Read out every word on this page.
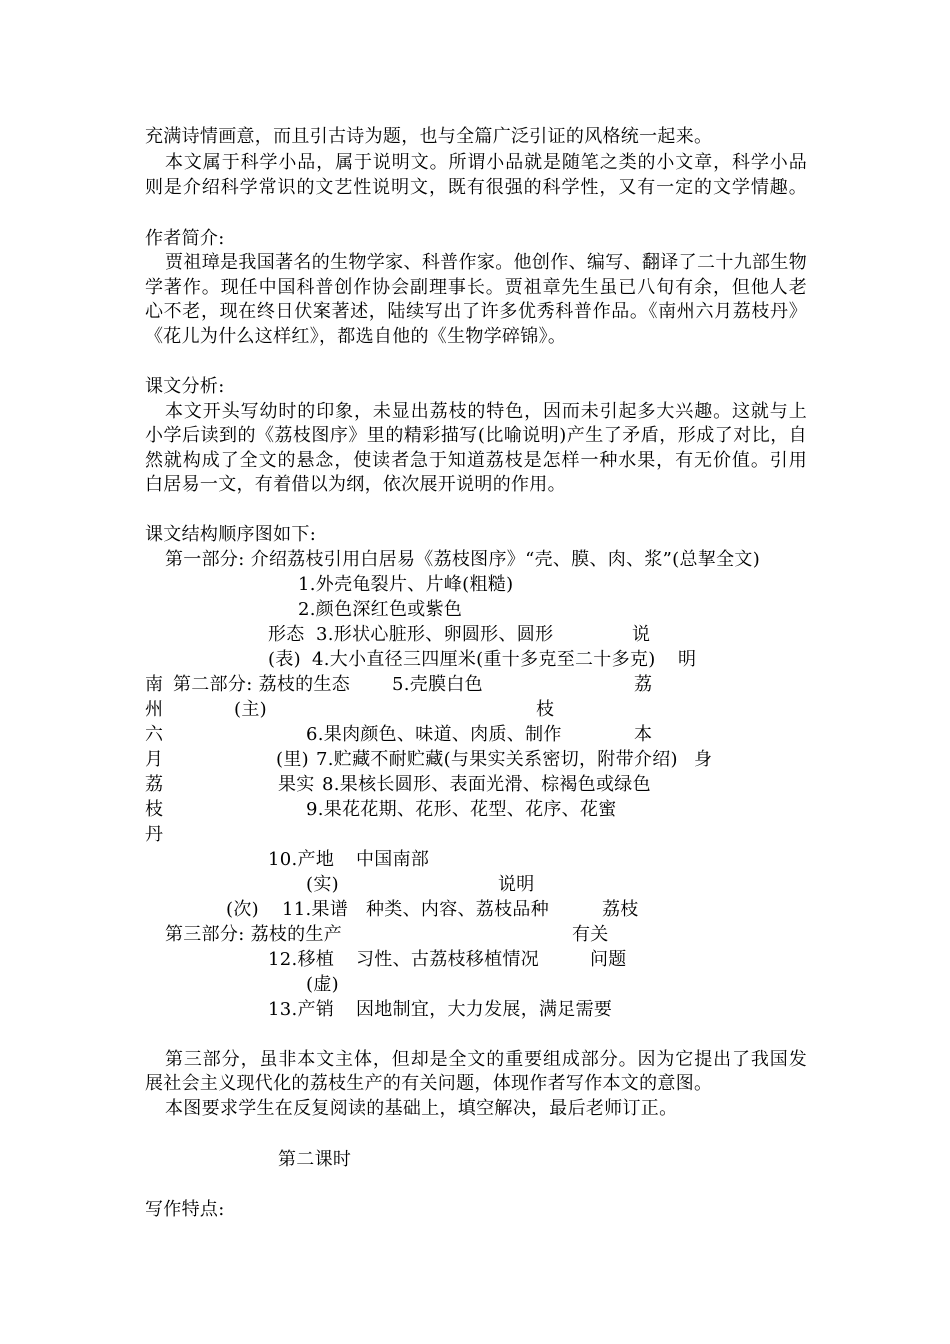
充满诗情画意，而且引古诗为题，也与全篇广泛引证的风格统一起来。
本文属于科学小品，属于说明文。所谓小品就是随笔之类的小文章，科学小品
则是介绍科学常识的文艺性说明文，既有很强的科学性，又有一定的文学情趣。
作者简介:
贾祖璋是我国著名的生物学家、科普作家。他创作、编写、翻译了二十九部生物
学著作。现任中国科普创作协会副理事长。贾祖章先生虽已八旬有余，但他人老
心不老，现在终日伏案著述，陆续写出了许多优秀科普作品。《南州六月荔枝丹》
《花儿为什么这样红》，都选自他的《生物学碎锦》。
课文分析:
本文开头写幼时的印象，未显出荔枝的特色，因而未引起多大兴趣。这就与上
小学后读到的《荔枝图序》里的精彩描写(比喻说明)产生了矛盾，形成了对比，自
然就构成了全文的悬念，使读者急于知道荔枝是怎样一种水果，有无价值。引用
白居易一文，有着借以为纲，依次展开说明的作用。
课文结构顺序图如下:
第一部分: 介绍荔枝引用白居易《荔枝图序》“壳、膜、肉、浆”(总挈全文)
1.外壳龟裂片、片峰(粗糙)
2.颜色深红色或紫色
形态 3.形状心脏形、卵圆形、圆形	说
(表) 4.大小直径三四厘米(重十多克至二十多克) 明
南 第二部分: 荔枝的生态 5.壳膜白色	荔
州	(主)	枝
六	6.果肉颜色、味道、肉质、制作	本
月	(里) 7.贮藏不耐贮藏(与果实关系密切，附带介绍) 身
荔	果实 8.果核长圆形、表面光滑、棕褐色或绿色
枝	9.果花花期、花形、花型、花序、花蜜
丹
10.产地 中国南部
(实)	说明
(次) 11.果谱 种类、内容、荔枝品种	荔枝
第三部分: 荔枝的生产	有关
12.移植 习性、古荔枝移植情况	问题
(虚)
13.产销 因地制宜，大力发展，满足需要
第三部分，虽非本文主体，但却是全文的重要组成部分。因为它提出了我国发
展社会主义现代化的荔枝生产的有关问题，体现作者写作本文的意图。
本图要求学生在反复阅读的基础上，填空解决，最后老师订正。
第二课时
写作特点:
